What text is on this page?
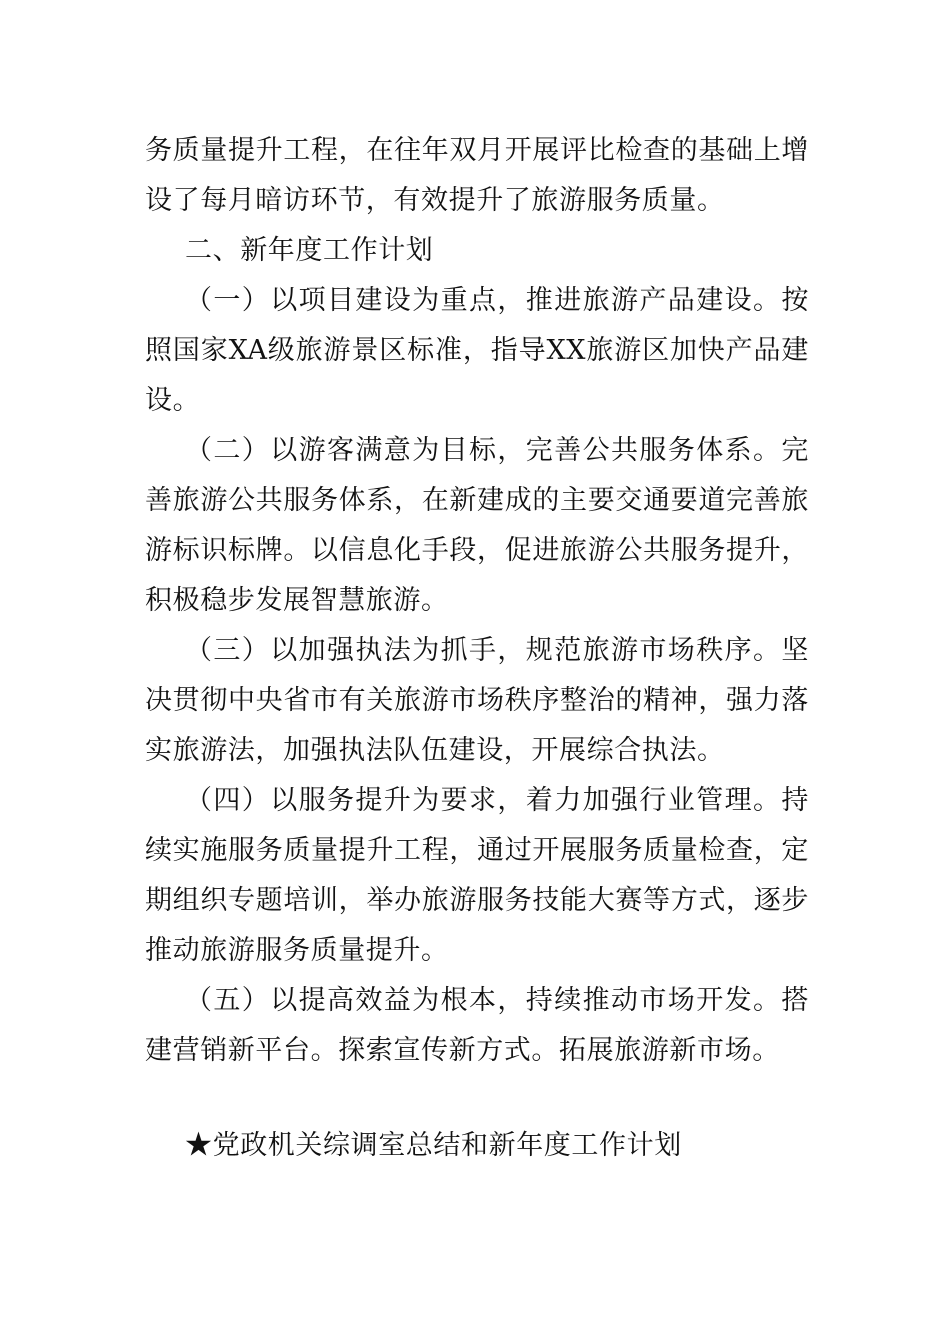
务质量提升工程，在往年双月开展评比检查的基础上增设了每月暗访环节，有效提升了旅游服务质量。

二、新年度工作计划

（一）以项目建设为重点，推进旅游产品建设。按照国家XA级旅游景区标准，指导XX旅游区加快产品建设。

（二）以游客满意为目标，完善公共服务体系。完善旅游公共服务体系，在新建成的主要交通要道完善旅游标识标牌。以信息化手段，促进旅游公共服务提升，积极稳步发展智慧旅游。

（三）以加强执法为抓手，规范旅游市场秩序。坚决贯彻中央省市有关旅游市场秩序整治的精神，强力落实旅游法，加强执法队伍建设，开展综合执法。

（四）以服务提升为要求，着力加强行业管理。持续实施服务质量提升工程，通过开展服务质量检查，定期组织专题培训，举办旅游服务技能大赛等方式，逐步推动旅游服务质量提升。

（五）以提高效益为根本，持续推动市场开发。搭建营销新平台。探索宣传新方式。拓展旅游新市场。

★党政机关综调室总结和新年度工作计划
